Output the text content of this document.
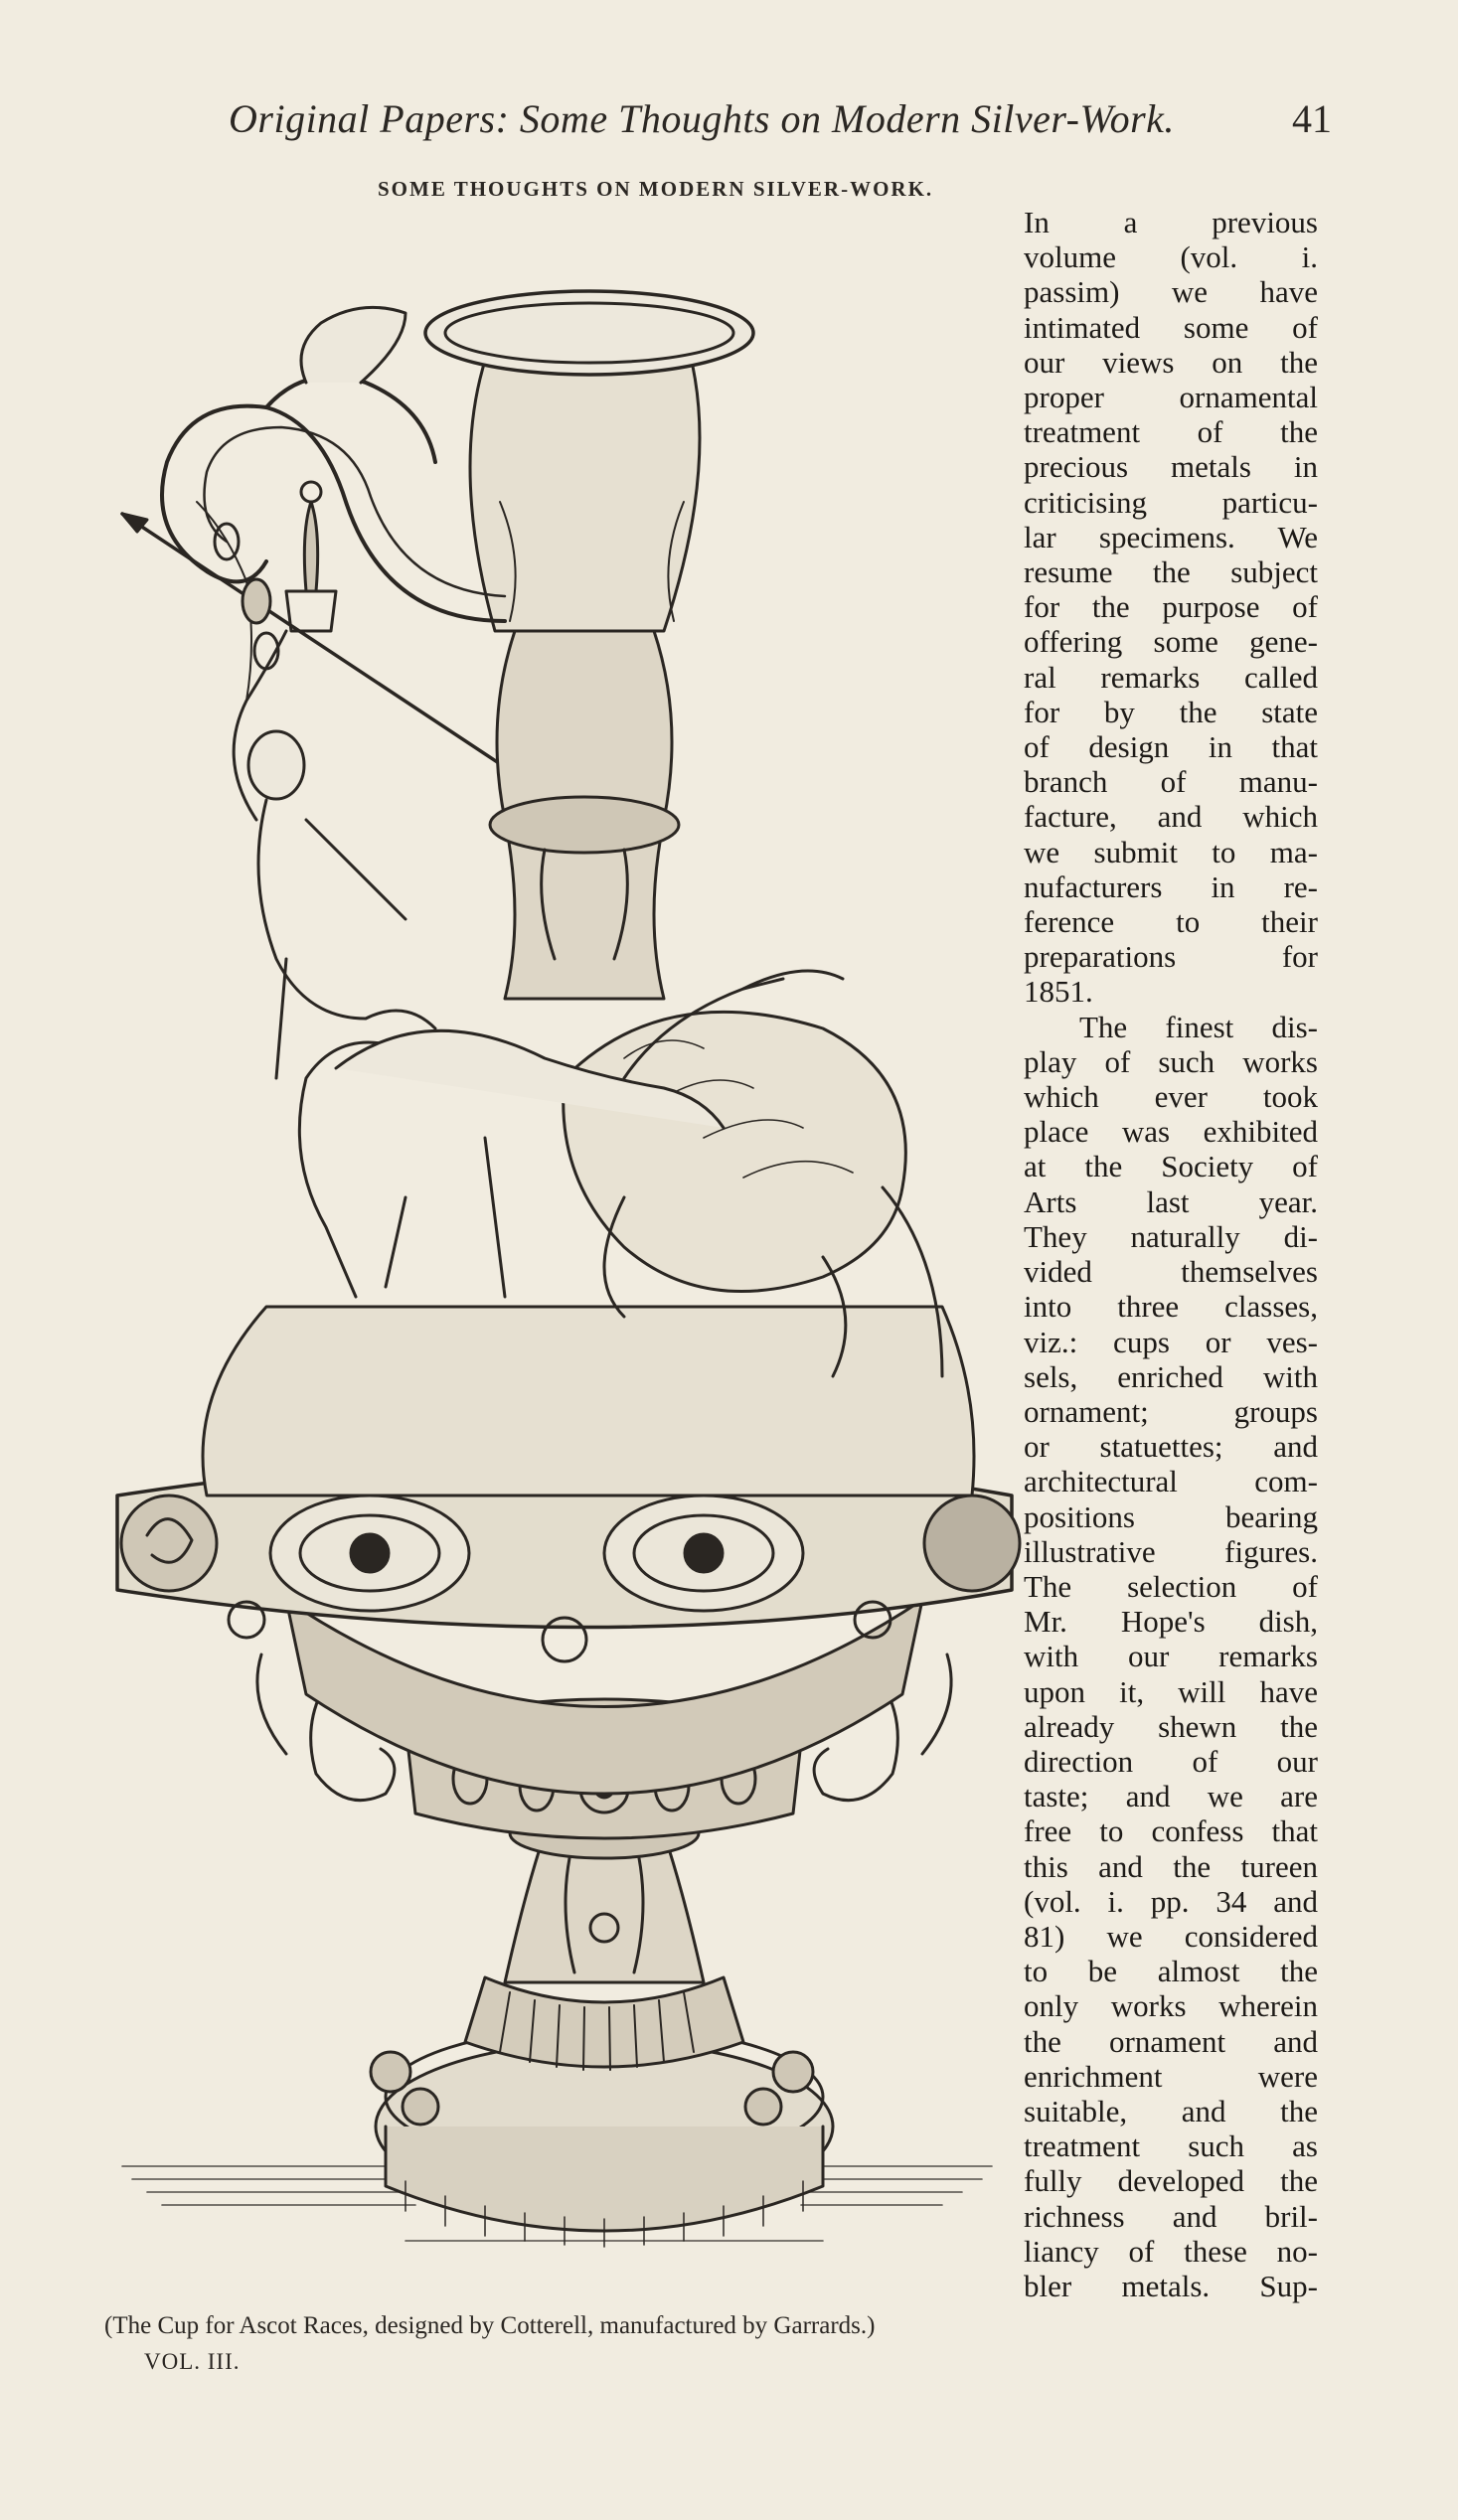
Original Papers: Some Thoughts on Modern Silver-Work.	41
SOME THOUGHTS ON MODERN SILVER-WORK.

In a previous

volume (vol. i.

passim) we have

intimated some of

our views on the

proper ornamental

treatment of the

precious metals in

criticising particu-

lar specimens. We

resume the subject

for the purpose of

offering some gene-

ral remarks called

for by the state

of design in that

branch of manu-

facture, and which

we submit to ma-

nufacturers in re-

ference to their

preparations for

1851.

The finest dis-

play of such works

which ever took

place was exhibited

at the Society of

Arts last year.

They naturally di-

vided themselves

into three classes,

viz.: cups or ves-

sels, enriched with

ornament; groups

or statuettes; and

architectural com-

positions bearing

illustrative figures.

The selection of

Mr. Hope's dish,

with our remarks

upon it, will have

already shewn the

direction of our

taste; and we are

free to confess that

this and the tureen

(vol. i. pp. 34 and

81) we considered

to be almost the

only works wherein

the ornament and

enrichment were

suitable, and the

treatment such as

fully developed the

richness and bril-

liancy of these no-

bler metals. Sup-

(The Cup for Ascot Races, designed by Cotterell, manufactured by Garrards.)
VOL. III.
